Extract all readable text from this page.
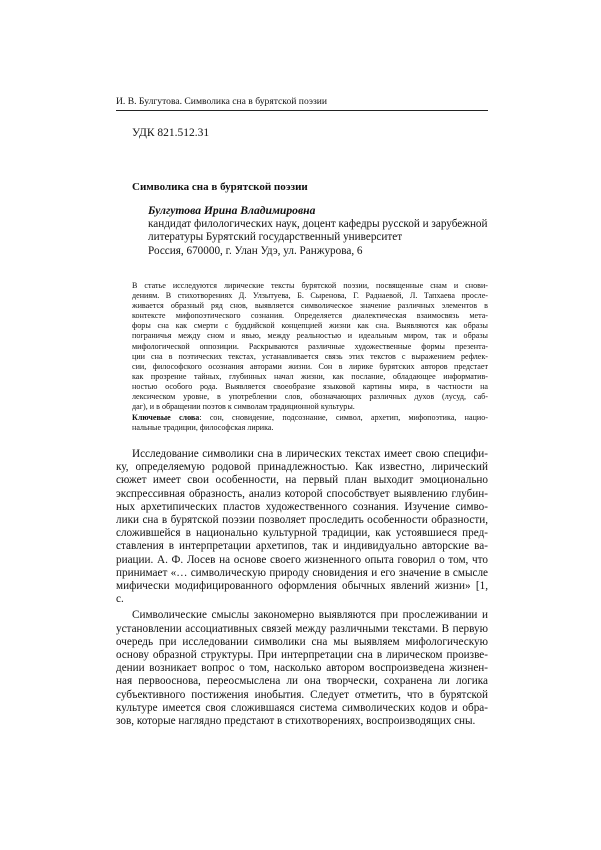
И. В. Булгутова. Символика сна в бурятской поэзии
УДК 821.512.31
Символика сна в бурятской поэзии
Булгутова Ирина Владимировна
кандидат филологических наук, доцент кафедры русской и зарубежной
литературы Бурятский государственный университет
Россия, 670000, г. Улан Удэ, ул. Ранжурова, 6
В статье исследуются лирические тексты бурятской поэзии, посвященные снам и снови-
дениям. В стихотворениях Д. Улзытуева, Б. Сыренова, Г. Раднаевой, Л. Тапхаева просле-
живается образный ряд снов, выявляется символическое значение различных элементов в
контексте мифопоэтического сознания. Определяется диалектическая взаимосвязь мета-
форы сна как смерти с буддийской концепцией жизни как сна. Выявляются как образы
пограничья между сном и явью, между реальностью и идеальным миром, так и образы
мифологической оппозиции. Раскрываются различные художественные формы презента-
ции сна в поэтических текстах, устанавливается связь этих текстов с выражением рефлек-
сии, философского осознания авторами жизни. Сон в лирике бурятских авторов предстает
как прозрение тайных, глубинных начал жизни, как послание, обладающее информатив-
ностью особого рода. Выявляется своеобразие языковой картины мира, в частности на
лексическом уровне, в употреблении слов, обозначающих различных духов (лусуд, саб-
даг), и в обращении поэтов к символам традиционной культуры.
Ключевые слова: сон, сновидение, подсознание, символ, архетип, мифопоэтика, нацио-
нальные традиции, философская лирика.
Исследование символики сна в лирических текстах имеет свою специфи-
ку, определяемую родовой принадлежностью. Как известно, лирический
сюжет имеет свои особенности, на первый план выходит эмоционально
экспрессивная образность, анализ которой способствует выявлению глубин-
ных архетипических пластов художественного сознания. Изучение симво-
лики сна в бурятской поэзии позволяет проследить особенности образности,
сложившейся в национально культурной традиции, как устоявшиеся пред-
ставления в интерпретации архетипов, так и индивидуально авторские ва-
риации. А. Ф. Лосев на основе своего жизненного опыта говорил о том, что
принимает «… символическую природу сновидения и его значение в смысле
мифически модифицированного оформления обычных явлений жизни» [1,
с.
Символические смыслы закономерно выявляются при прослеживании и
установлении ассоциативных связей между различными текстами. В первую
очередь при исследовании символики сна мы выявляем мифологическую
основу образной структуры. При интерпретации сна в лирическом произве-
дении возникает вопрос о том, насколько автором воспроизведена жизнен-
ная первооснова, переосмыслена ли она творчески, сохранена ли логика
субъективного постижения инобытия. Следует отметить, что в бурятской
культуре имеется своя сложившаяся система символических кодов и обра-
зов, которые наглядно предстают в стихотворениях, воспроизводящих сны.
